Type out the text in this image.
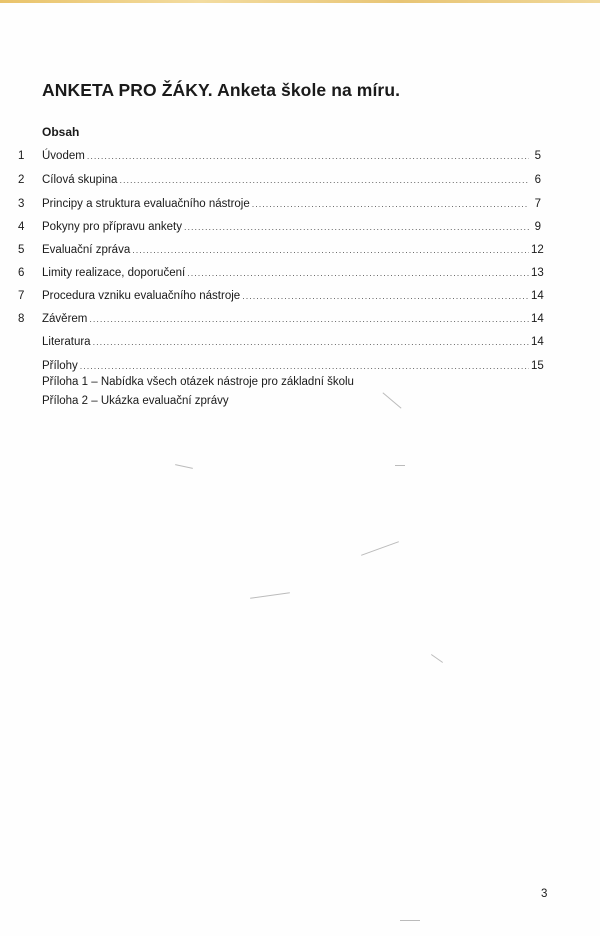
ANKETA PRO ŽÁKY. Anketa škole na míru.
Obsah
1	Úvodem .....	5
2	Cílová skupina .....	6
3	Principy a struktura evaluačního nástroje .....	7
4	Pokyny pro přípravu ankety .....	9
5	Evaluační zpráva .....	12
6	Limity realizace, doporučení .....	13
7	Procedura vzniku evaluačního nástroje .....	14
8	Závěrem .....	14
Literatura .....	14
Přílohy .....	15
Příloha 1 – Nabídka všech otázek nástroje pro základní školu
Příloha 2 – Ukázka evaluační zprávy
3
